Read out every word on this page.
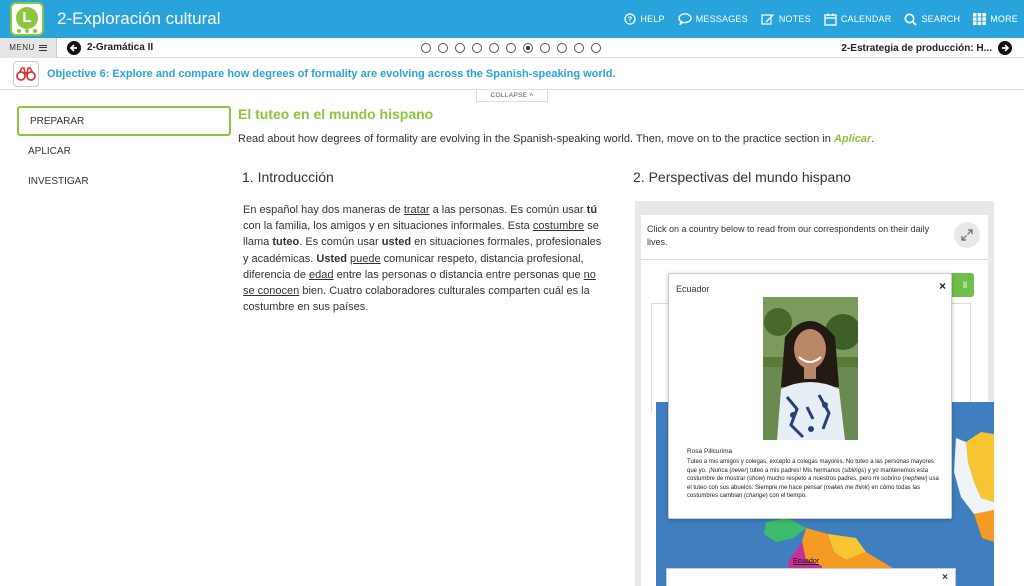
L	2-Exploración cultural	? HELP	MESSAGES	NOTES	CALENDAR	SEARCH	MORE
MENU	2-Gramática II	2-Estrategia de producción: H...
Objective 6: Explore and compare how degrees of formality are evolving across the Spanish-speaking world.
COLLAPSE ˄
PREPARAR
APLICAR
INVESTIGAR
El tuteo en el mundo hispano
Read about how degrees of formality are evolving in the Spanish-speaking world. Then, move on to the practice section in Aplicar.
1. Introducción	2. Perspectivas del mundo hispano
En español hay dos maneras de tratar a las personas. Es común usar tú con la familia, los amigos y en situaciones informales. Esta costumbre se llama tuteo. Es común usar usted en situaciones formales, profesionales y académicas. Usted puede comunicar respeto, distancia profesional, diferencia de edad entre las personas o distancia entre personas que no se conocen bien. Cuatro colaboradores culturales comparten cuál es la costumbre en sus países.
Click on a country below to read from our correspondents on their daily lives.
ll
Ecuador	×
Rosa Pillcurima
Tuteo a mis amigos y colegas, excepto a colegas mayores. No tuteo a las personas mayores que yo. ¡Nunca (never) tuteo a mis padres! Mis hermanos (siblings) y yo mantenemos esta costumbre de mostrar (show) mucho respeto a nuestros padres, pero mi sobrino (nephew) usa el tuteo con sus abuelos. Siempre me hace pensar (makes me think) en cómo todas las costumbres cambian (change) con el tiempo.
Ecuador
×
